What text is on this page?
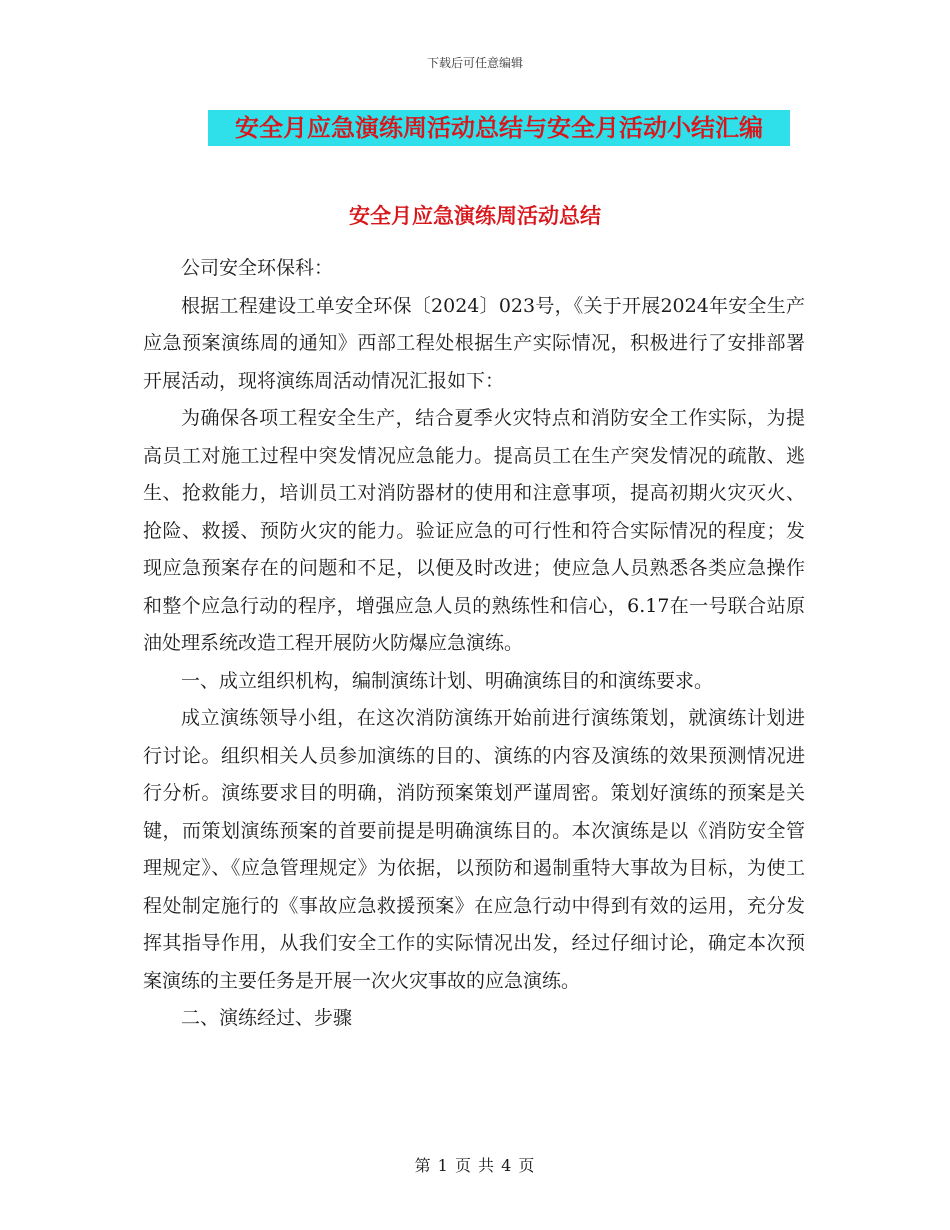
下载后可任意编辑
安全月应急演练周活动总结与安全月活动小结汇编
安全月应急演练周活动总结

公司安全环保科：

根据工程建设工单安全环保〔2024〕023号，《关于开展2024年安全生产应急预案演练周的通知》西部工程处根据生产实际情况，积极进行了安排部署开展活动，现将演练周活动情况汇报如下：

为确保各项工程安全生产，结合夏季火灾特点和消防安全工作实际，为提高员工对施工过程中突发情况应急能力。提高员工在生产突发情况的疏散、逃生、抢救能力，培训员工对消防器材的使用和注意事项，提高初期火灾灭火、抢险、救援、预防火灾的能力。验证应急的可行性和符合实际情况的程度；发现应急预案存在的问题和不足，以便及时改进；使应急人员熟悉各类应急操作和整个应急行动的程序，增强应急人员的熟练性和信心，6.17在一号联合站原油处理系统改造工程开展防火防爆应急演练。

一、成立组织机构，编制演练计划、明确演练目的和演练要求。

成立演练领导小组，在这次消防演练开始前进行演练策划，就演练计划进行讨论。组织相关人员参加演练的目的、演练的内容及演练的效果预测情况进行分析。演练要求目的明确，消防预案策划严谨周密。策划好演练的预案是关键，而策划演练预案的首要前提是明确演练目的。本次演练是以《消防安全管理规定》、《应急管理规定》为依据，以预防和遏制重特大事故为目标，为使工程处制定施行的《事故应急救援预案》在应急行动中得到有效的运用，充分发挥其指导作用，从我们安全工作的实际情况出发，经过仔细讨论，确定本次预案演练的主要任务是开展一次火灾事故的应急演练。

二、演练经过、步骤

第 1 页 共 4 页
